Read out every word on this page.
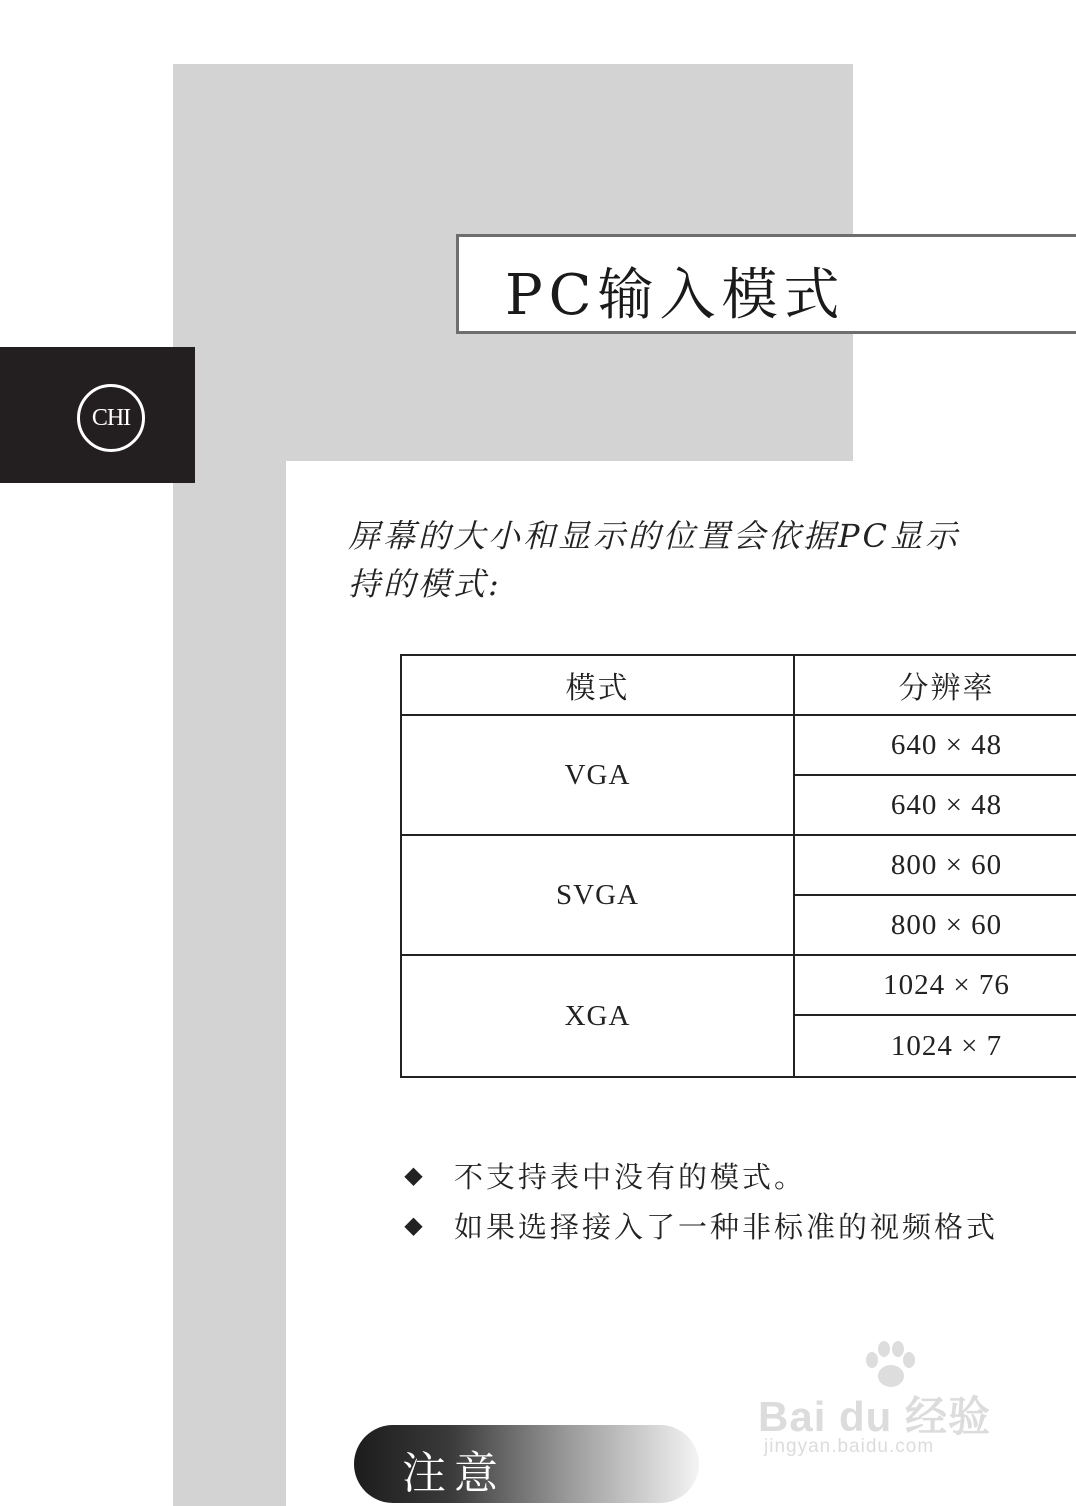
CHI
PC输入模式

屏幕的大小和显示的位置会依据PC显示

持的模式:

模式	分辨率
VGA	640 × 48
	640 × 48
SVGA	800 × 60
	800 × 60
XGA	1024 × 76
	1024 × 7
◆ 不支持表中没有的模式。
◆ 如果选择接入了一种非标准的视频格式
注意
Bai du 经验
jingyan.baidu.com
